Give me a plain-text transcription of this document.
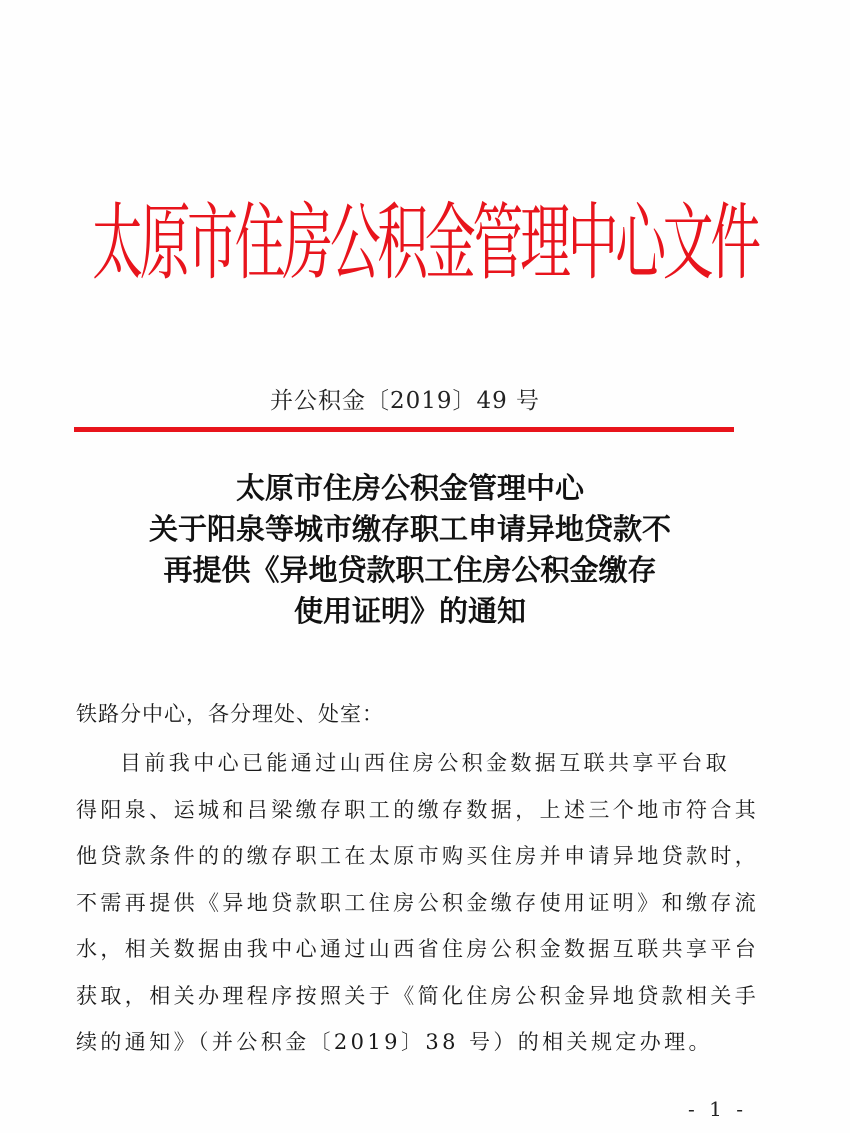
太原市住房公积金管理中心文件
并公积金〔2019〕49 号
太原市住房公积金管理中心
关于阳泉等城市缴存职工申请异地贷款不
再提供《异地贷款职工住房公积金缴存
使用证明》的通知
铁路分中心，各分理处、处室：
目前我中心已能通过山西住房公积金数据互联共享平台取
得阳泉、运城和吕梁缴存职工的缴存数据，上述三个地市符合其
他贷款条件的的缴存职工在太原市购买住房并申请异地贷款时，
不需再提供《异地贷款职工住房公积金缴存使用证明》和缴存流
水，相关数据由我中心通过山西省住房公积金数据互联共享平台
获取，相关办理程序按照关于《简化住房公积金异地贷款相关手
续的通知》（并公积金〔2019〕38 号）的相关规定办理。
- 1 -
